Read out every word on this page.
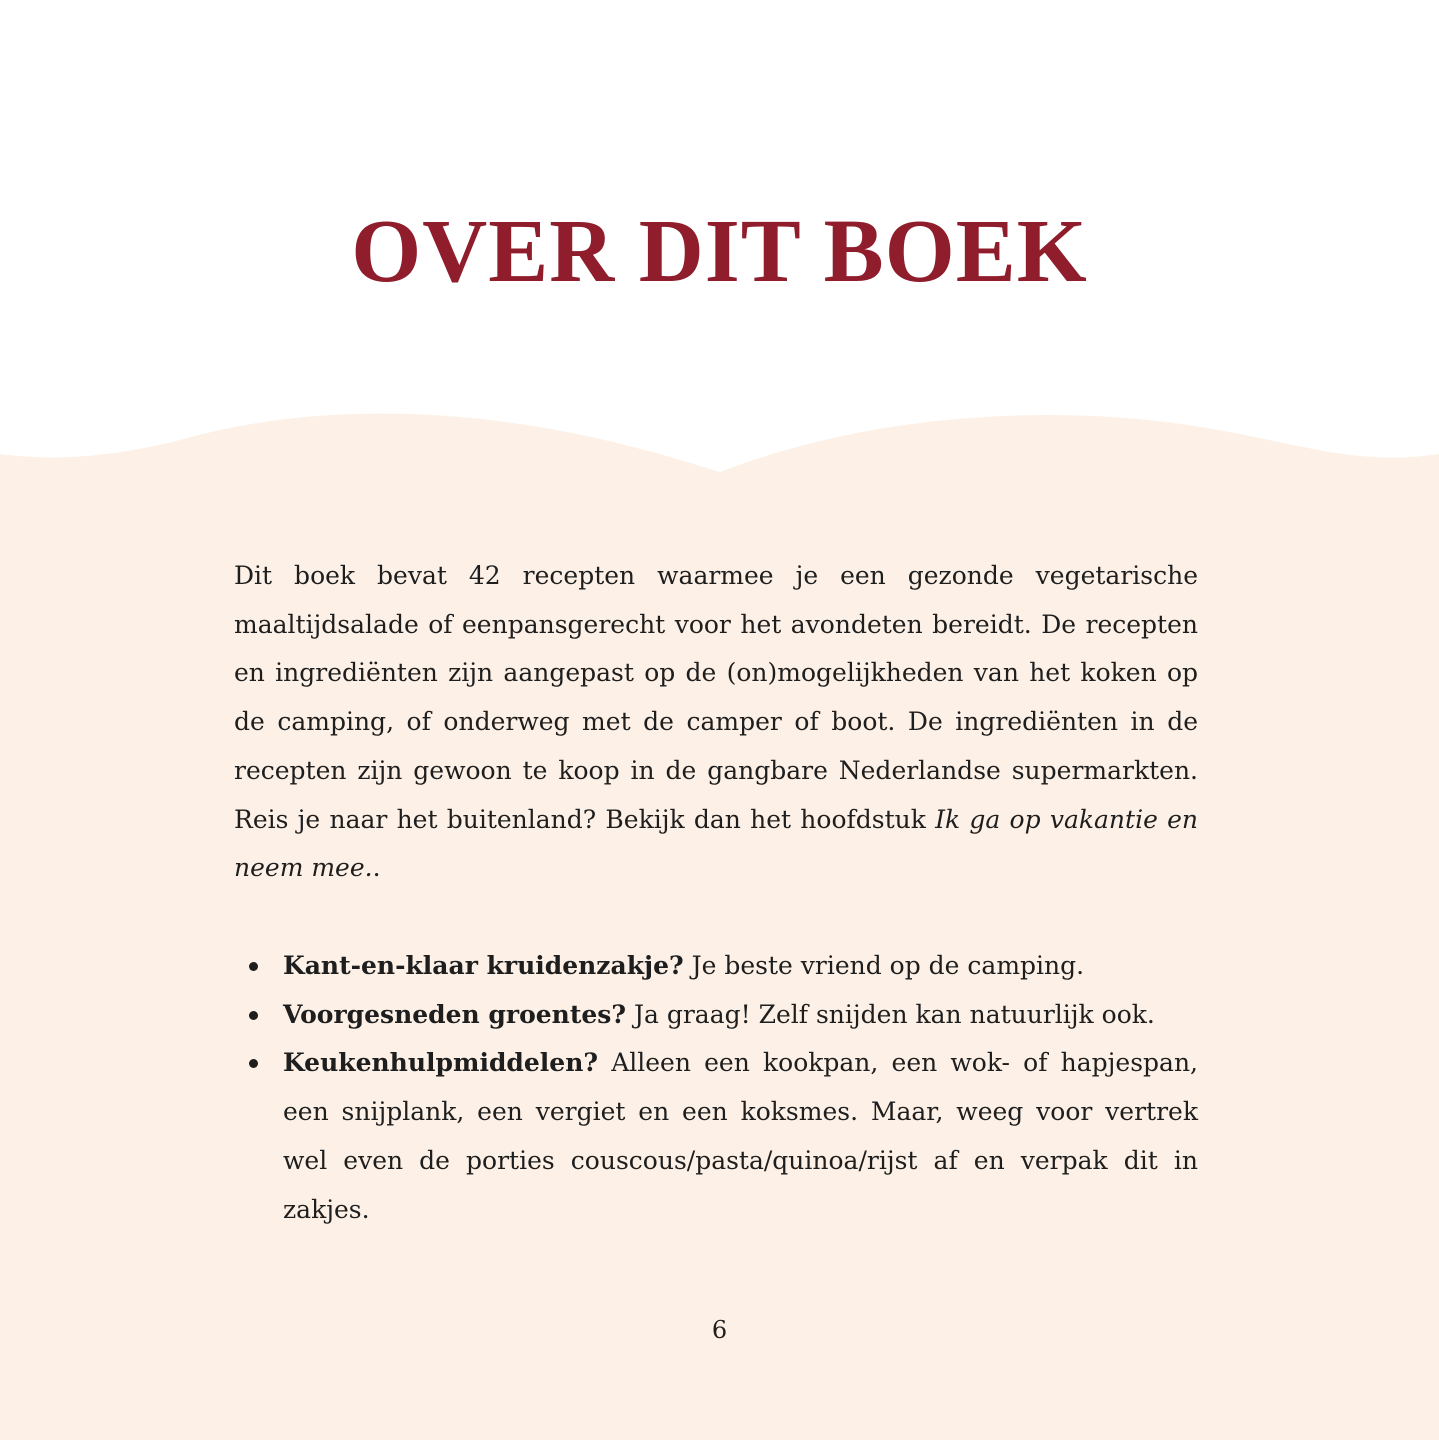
OVER DIT BOEK

Dit boek bevat 42 recepten waarmee je een gezonde vegetarische maaltijdsalade of eenpansgerecht voor het avondeten bereidt. De recepten en ingrediënten zijn aangepast op de (on)mogelijkheden van het koken op de camping, of onderweg met de camper of boot. De ingrediënten in de recepten zijn gewoon te koop in de gangbare Nederlandse supermarkten. Reis je naar het buitenland? Bekijk dan het hoofdstuk Ik ga op vakantie en neem mee..

Kant-en-klaar kruidenzakje? Je beste vriend op de camping.
Voorgesneden groentes? Ja graag! Zelf snijden kan natuurlijk ook.
Keukenhulpmiddelen? Alleen een kookpan, een wok- of hapjespan, een snijplank, een vergiet en een koksmes. Maar, weeg voor vertrek wel even de porties couscous/pasta/quinoa/rijst af en verpak dit in zakjes.
6
